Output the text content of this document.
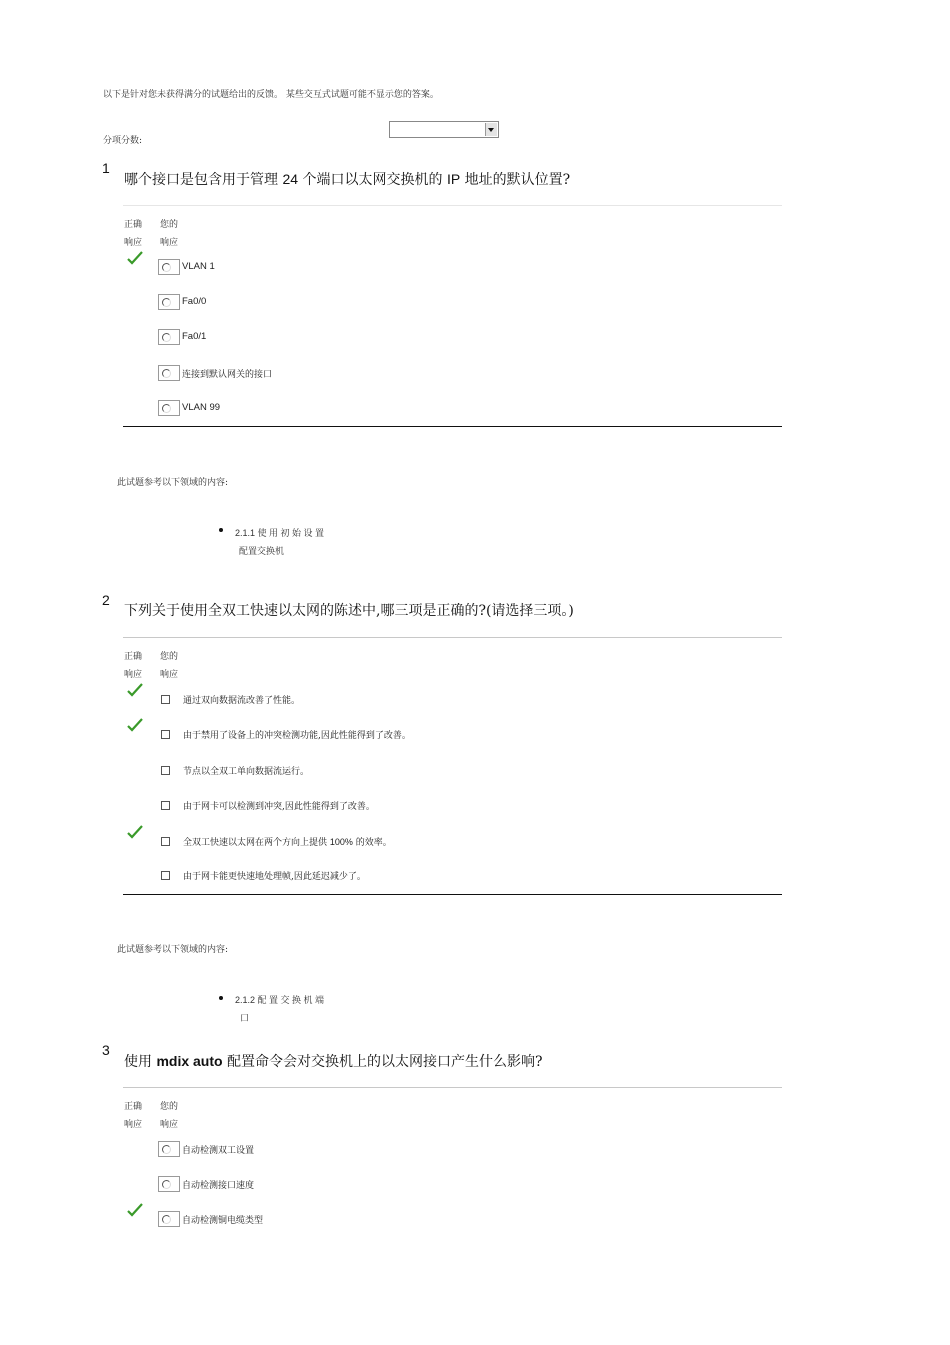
以下是针对您未获得满分的试题给出的反馈。 某些交互式试题可能不显示您的答案。
分项分数:
1
哪个接口是包含用于管理 24 个端口以太网交换机的 IP 地址的默认位置?
正确
响应
您的
响应
VLAN 1
Fa0/0
Fa0/1
连接到默认网关的接口
VLAN 99
此试题参考以下领域的内容:
2.1.1 使 用 初 始 设 置
配置交换机
2
下列关于使用全双工快速以太网的陈述中,哪三项是正确的?(请选择三项。)
正确
响应
您的
响应
通过双向数据流改善了性能。
由于禁用了设备上的冲突检测功能,因此性能得到了改善。
节点以全双工单向数据流运行。
由于网卡可以检测到冲突,因此性能得到了改善。
全双工快速以太网在两个方向上提供 100% 的效率。
由于网卡能更快速地处理帧,因此延迟减少了。
此试题参考以下领域的内容:
2.1.2 配 置 交 换 机 端
口
3
使用 mdix auto 配置命令会对交换机上的以太网接口产生什么影响?
正确
响应
您的
响应
自动检测双工设置
自动检测接口速度
自动检测铜电缆类型
